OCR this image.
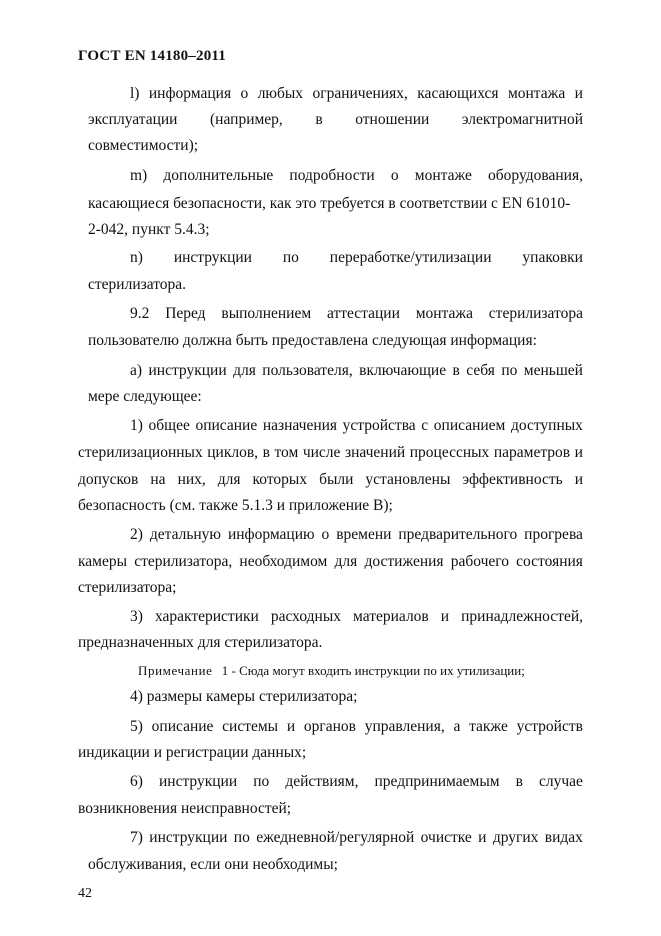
ГОСТ EN 14180–2011
l) информация о любых ограничениях, касающихся монтажа и
эксплуатации (например, в отношении электромагнитной
совместимости);
m) дополнительные подробности о монтаже оборудования,
касающиеся безопасности, как это требуется в соответствии с EN 61010-
2-042, пункт 5.4.3;
n) инструкции по переработке/утилизации упаковки
стерилизатора.
9.2 Перед выполнением аттестации монтажа стерилизатора
пользователю должна быть предоставлена следующая информация:
a) инструкции для пользователя, включающие в себя по меньшей
мере следующее:
1) общее описание назначения устройства с описанием доступных
стерилизационных циклов, в том числе значений процессных параметров и
допусков на них, для которых были установлены эффективность и
безопасность (см. также 5.1.3 и приложение В);
2) детальную информацию о времени предварительного прогрева
камеры стерилизатора, необходимом для достижения рабочего состояния
стерилизатора;
3) характеристики расходных материалов и принадлежностей,
предназначенных для стерилизатора.
Примечание 1 - Сюда могут входить инструкции по их утилизации;
4) размеры камеры стерилизатора;
5) описание системы и органов управления, а также устройств
индикации и регистрации данных;
6) инструкции по действиям, предпринимаемым в случае
возникновения неисправностей;
7) инструкции по ежедневной/регулярной очистке и других видах
обслуживания, если они необходимы;
42
